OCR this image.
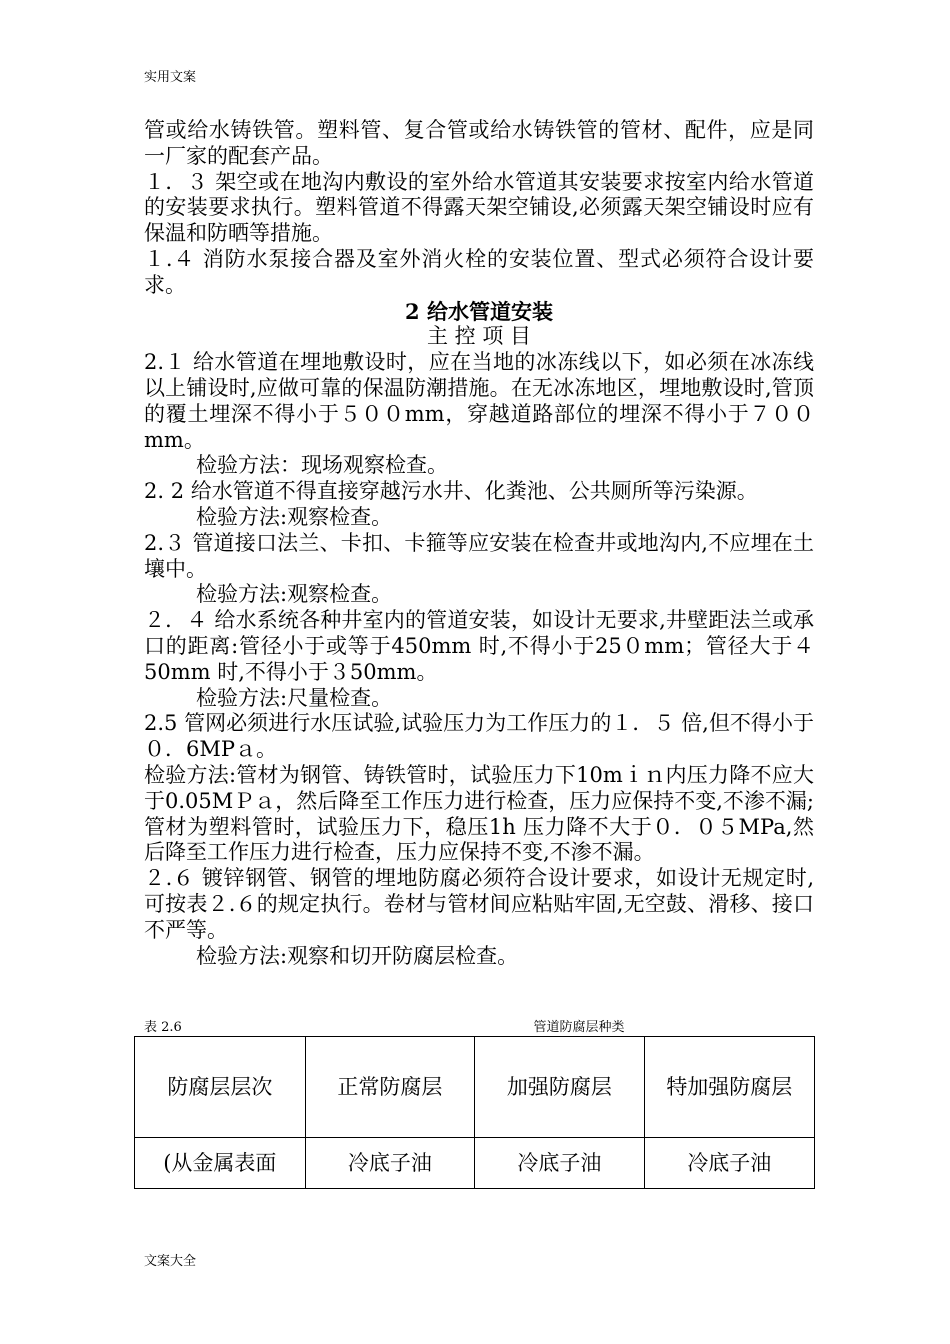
实用文案

管或给水铸铁管。塑料管、复合管或给水铸铁管的管材、配件，应是同一厂家的配套产品。

１．３ 架空或在地沟内敷设的室外给水管道其安装要求按室内给水管道的安装要求执行。塑料管道不得露天架空铺设,必须露天架空铺设时应有保温和防晒等措施。

１.４ 消防水泵接合器及室外消火栓的安装位置、型式必须符合设计要求。

2 给水管道安装

主 控 项 目

2.１ 给水管道在埋地敷设时，应在当地的冰冻线以下，如必须在冰冻线以上铺设时,应做可靠的保温防潮措施。在无冰冻地区，埋地敷设时,管顶的覆土埋深不得小于５００mm，穿越道路部位的埋深不得小于７００mm。

检验方法：现场观察检查。

2. 2 给水管道不得直接穿越污水井、化粪池、公共厕所等污染源。

检验方法:观察检查。

2.３ 管道接口法兰、卡扣、卡箍等应安装在检查井或地沟内,不应埋在土壤中。

检验方法:观察检查。

２．４ 给水系统各种井室内的管道安装，如设计无要求,井壁距法兰或承口的距离:管径小于或等于450mm 时,不得小于25０mm；管径大于４50mm 时,不得小于３50mm。

检验方法:尺量检查。

2.5 管网必须进行水压试验,试验压力为工作压力的１．５ 倍,但不得小于０．6MPａ。

检验方法:管材为钢管、铸铁管时，试验压力下10mｉｎ内压力降不应大于0.05MＰａ，然后降至工作压力进行检查，压力应保持不变,不渗不漏;管材为塑料管时，试验压力下，稳压1h 压力降不大于０．０５MPa,然后降至工作压力进行检查，压力应保持不变,不渗不漏。

２.６ 镀锌钢管、钢管的埋地防腐必须符合设计要求，如设计无规定时,可按表２.６的规定执行。卷材与管材间应粘贴牢固,无空鼓、滑移、接口不严等。

检验方法:观察和切开防腐层检查。

表 2.6	管道防腐层种类
防腐层层次	正常防腐层	加强防腐层	特加强防腐层
(从金属表面	冷底子油	冷底子油	冷底子油
文案大全
